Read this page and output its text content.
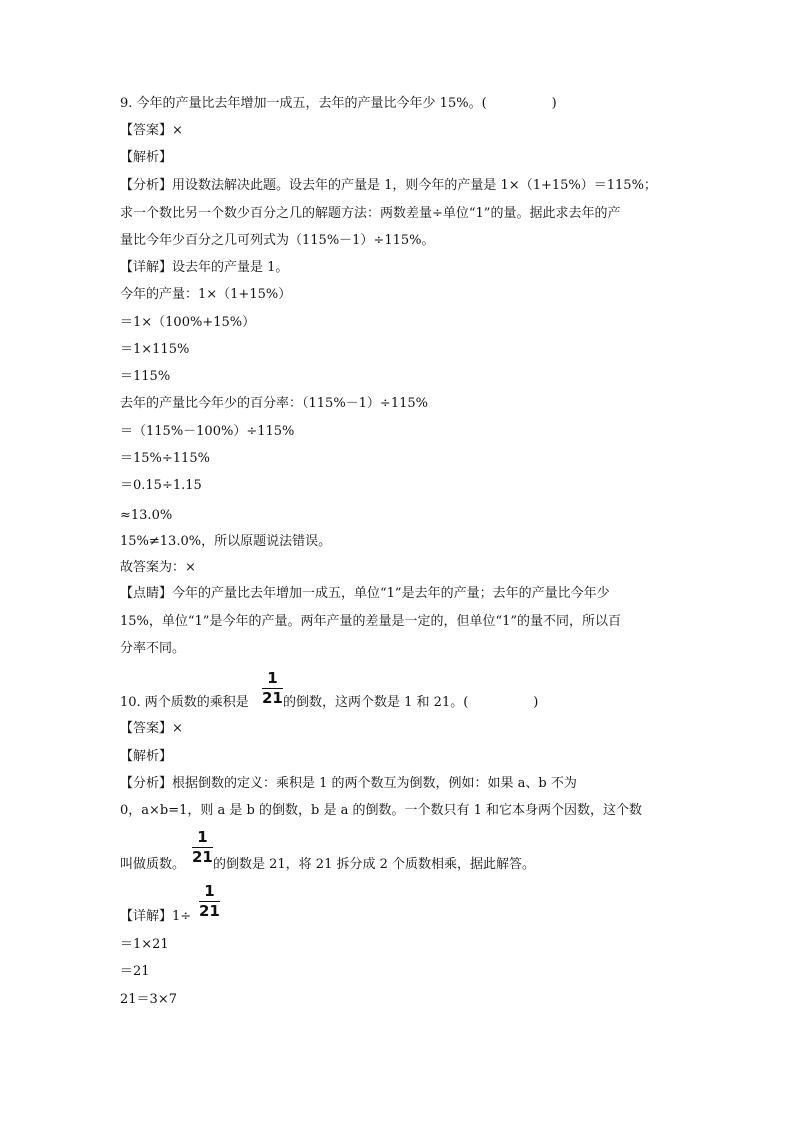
9. 今年的产量比去年增加一成五，去年的产量比今年少 15%。(　　　　　)
【答案】×
【解析】
【分析】用设数法解决此题。设去年的产量是 1，则今年的产量是 1×（1+15%）＝115%；
求一个数比另一个数少百分之几的解题方法：两数差量÷单位“1”的量。据此求去年的产
量比今年少百分之几可列式为（115%－1）÷115%。
【详解】设去年的产量是 1。
今年的产量：1×（1+15%）
＝1×（100%+15%）
＝1×115%
＝115%
去年的产量比今年少的百分率：（115%－1）÷115%
＝（115%－100%）÷115%
＝15%÷115%
＝0.15÷1.15
≈13.0%
15%≠13.0%，所以原题说法错误。
故答案为：×
【点睛】今年的产量比去年增加一成五，单位“1”是去年的产量；去年的产量比今年少
15%，单位“1”是今年的产量。两年产量的差量是一定的，但单位“1”的量不同，所以百
分率不同。
10. 两个质数的乘积是
1
21 的倒数，这两个数是 1 和 21。(　　　　　)
【答案】×
【解析】
【分析】根据倒数的定义：乘积是 1 的两个数互为倒数，例如：如果 a、b 不为
0，a×b=1，则 a 是 b 的倒数，b 是 a 的倒数。一个数只有 1 和它本身两个因数，这个数
叫做质数。
1
21 的倒数是 21，将 21 拆分成 2 个质数相乘，据此解答。
【详解】1÷
1
21
＝1×21
＝21
21＝3×7
